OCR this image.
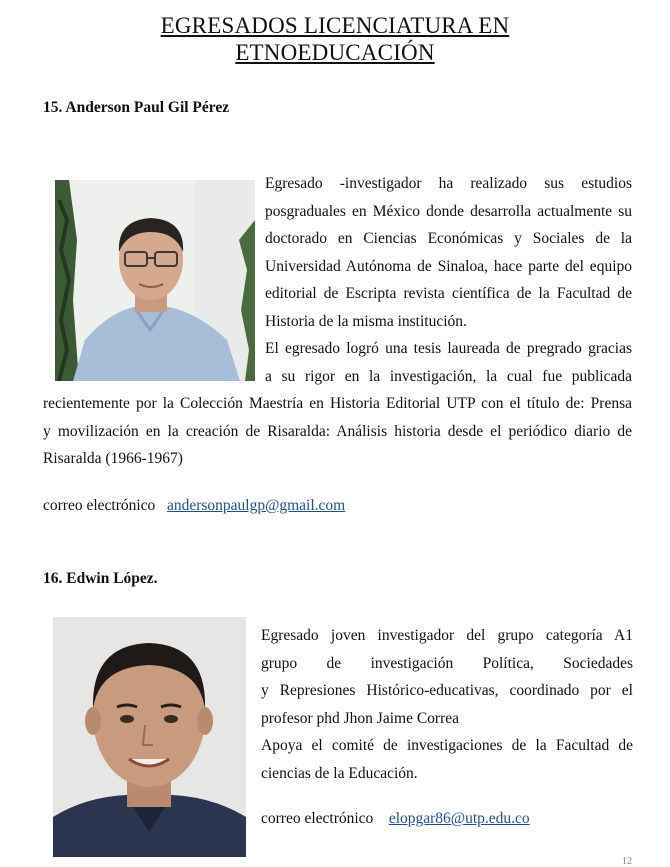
EGRESADOS LICENCIATURA EN
ETNOEDUCACIÓN
15. Anderson Paul Gil Pérez
Egresado -investigador ha realizado sus estudios
posgraduales en México donde desarrolla actualmente su
doctorado en Ciencias Económicas y Sociales de la
Universidad Autónoma de Sinaloa, hace parte del equipo
editorial de Escripta revista científica de la Facultad de
Historia de la misma institución.
El egresado logró una tesis laureada de pregrado gracias
a su rigor en la investigación, la cual fue publicada
recientemente por la Colección Maestría en Historia Editorial UTP con el título de: Prensa
y movilización en la creación de Risaralda: Análisis historia desde el periódico diario de
Risaralda (1966-1967)
correo electrónico andersonpaulgp@gmail.com
16. Edwin López.
Egresado joven investigador del grupo categoría A1
grupo de investigación Política, Sociedades
y Represiones Histórico-educativas, coordinado por el
profesor phd Jhon Jaime Correa
Apoya el comité de investigaciones de la Facultad de
ciencias de la Educación.
correo electrónico elopgar86@utp.edu.co
12
